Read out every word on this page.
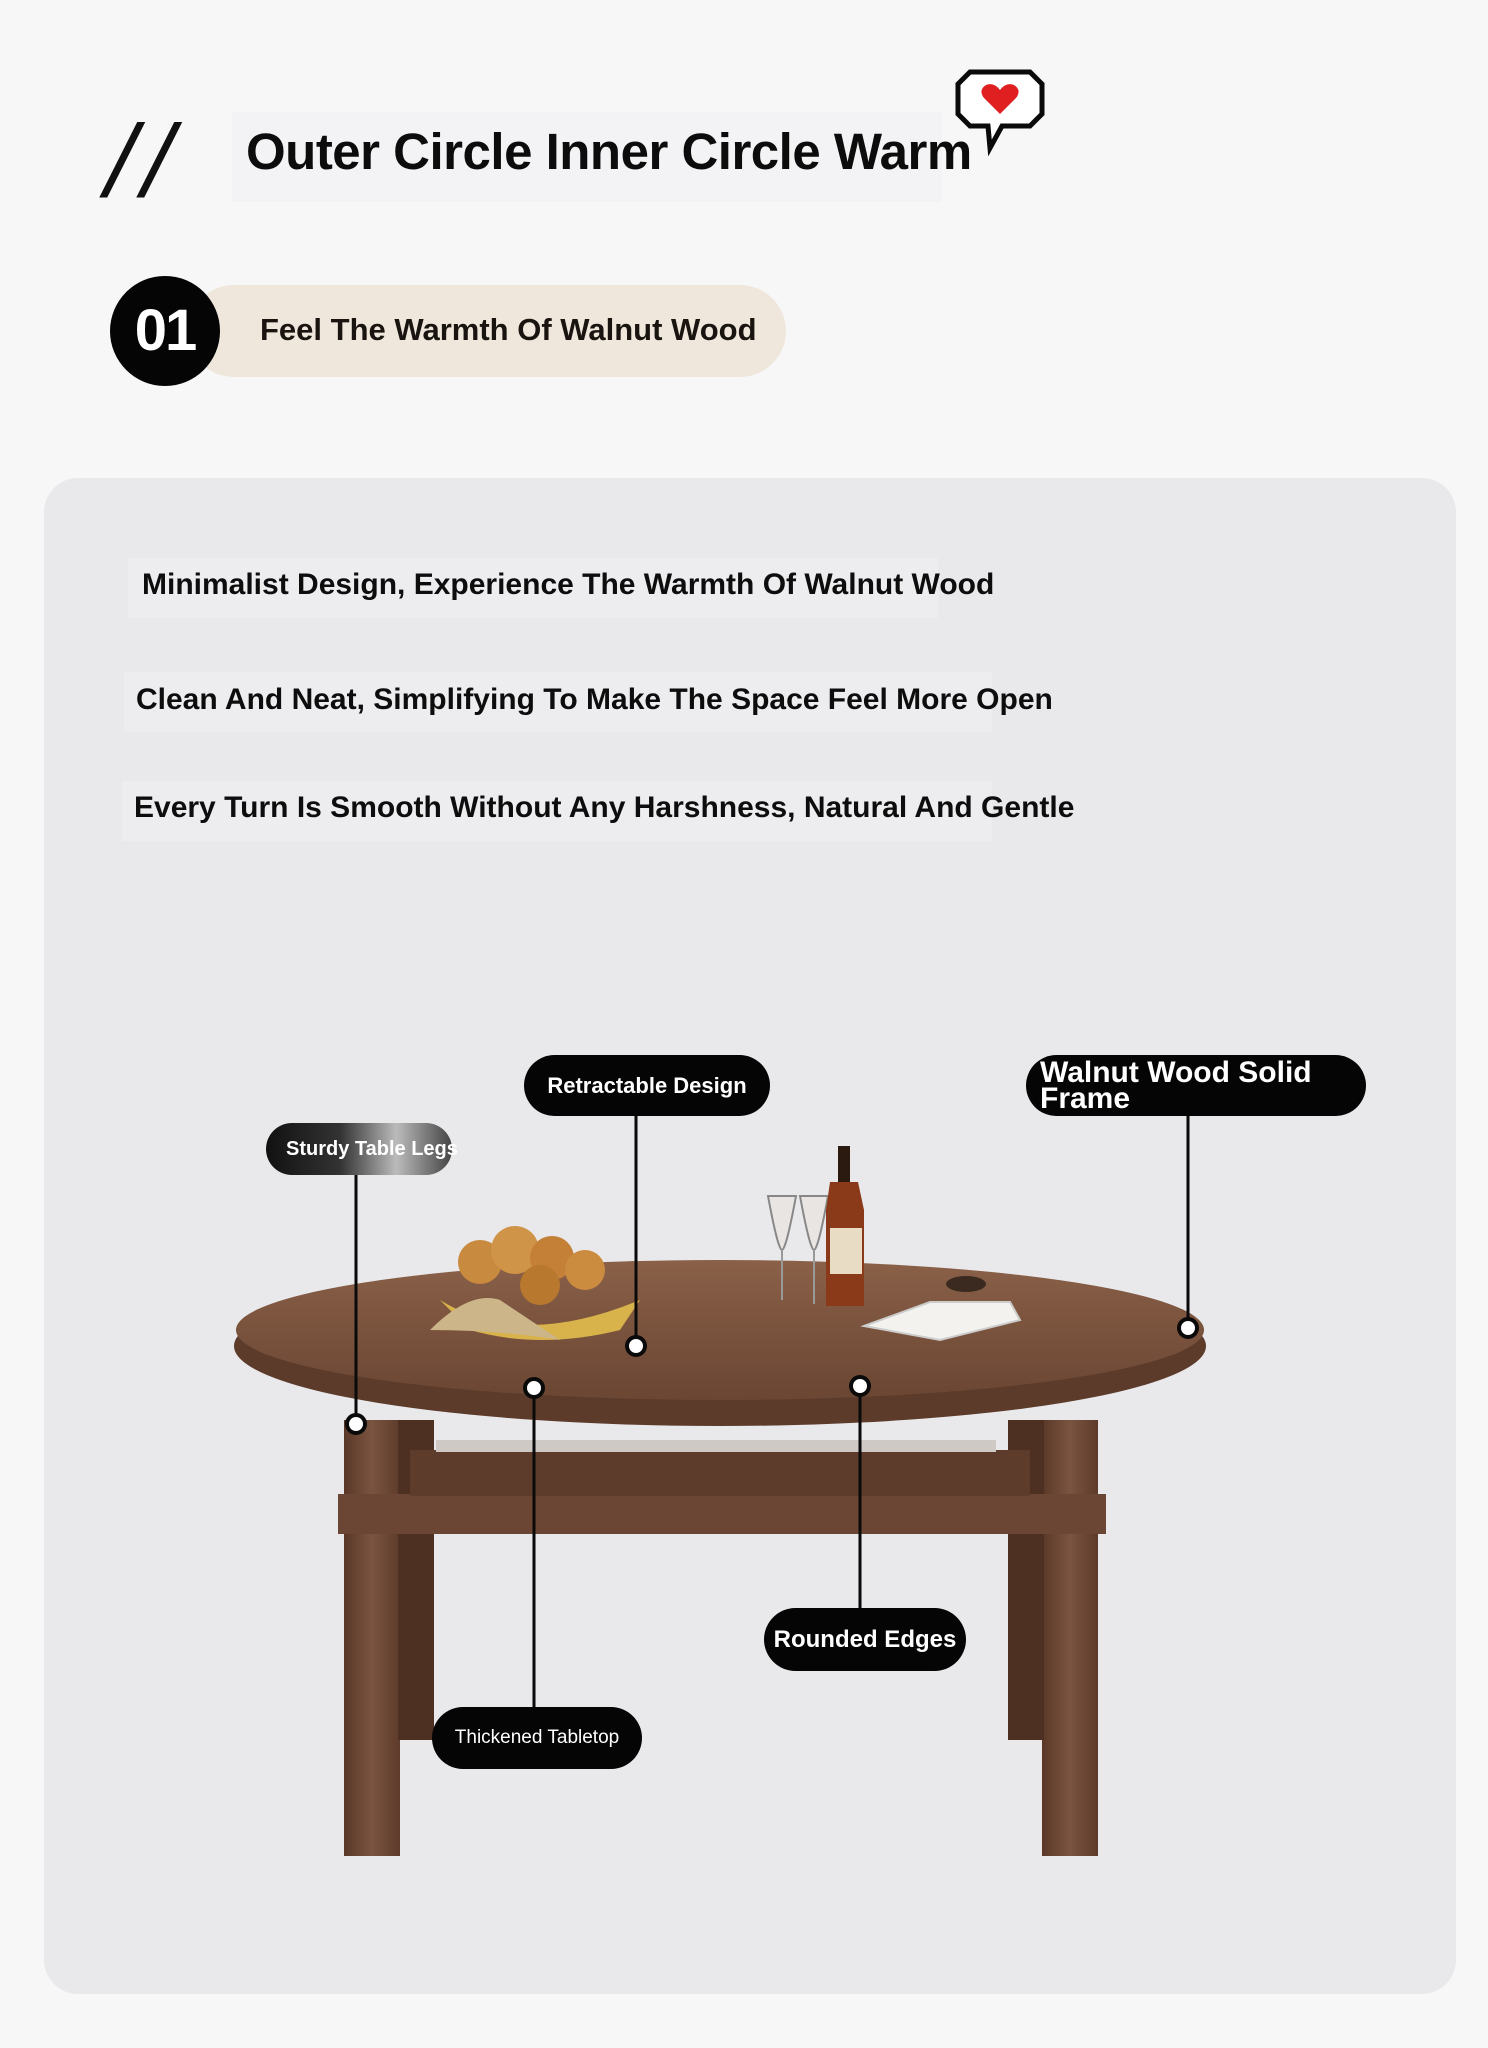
// Outer Circle Inner Circle Warm
01	Feel The Warmth Of Walnut Wood
Minimalist Design, Experience The Warmth Of Walnut Wood
Clean And Neat, Simplifying To Make The Space Feel More Open
Every Turn Is Smooth Without Any Harshness, Natural And Gentle
Retractable Design	Walnut Wood Solid Frame
Sturdy Table Legs
Rounded Edges
Thickened Tabletop
